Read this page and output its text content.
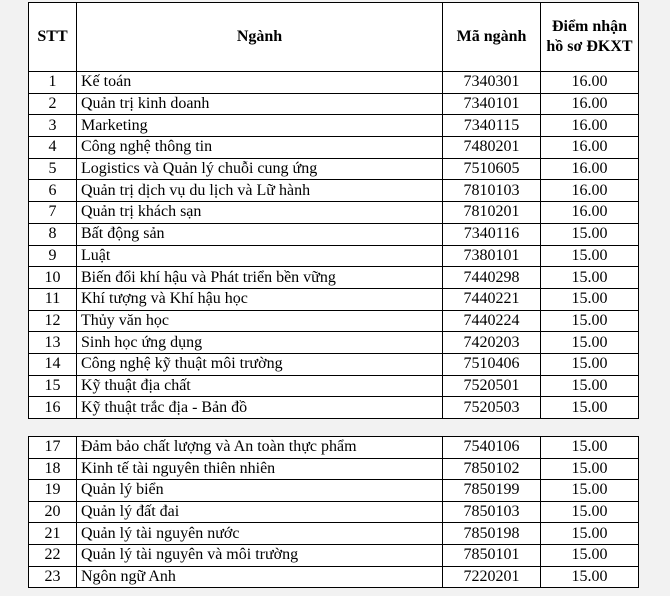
STT	Ngành	Mã ngành	Điểm nhận
hồ sơ ĐKXT
1	Kế toán	7340301	16.00
2	Quản trị kinh doanh	7340101	16.00
3	Marketing	7340115	16.00
4	Công nghệ thông tin	7480201	16.00
5	Logistics và Quản lý chuỗi cung ứng	7510605	16.00
6	Quản trị dịch vụ du lịch và Lữ hành	7810103	16.00
7	Quản trị khách sạn	7810201	16.00
8	Bất động sản	7340116	15.00
9	Luật	7380101	15.00
10	Biến đổi khí hậu và Phát triển bền vững	7440298	15.00
11	Khí tượng và Khí hậu học	7440221	15.00
12	Thủy văn học	7440224	15.00
13	Sinh học ứng dụng	7420203	15.00
14	Công nghệ kỹ thuật môi trường	7510406	15.00
15	Kỹ thuật địa chất	7520501	15.00
16	Kỹ thuật trắc địa - Bản đồ	7520503	15.00
17	Đảm bảo chất lượng và An toàn thực phẩm	7540106	15.00
18	Kinh tế tài nguyên thiên nhiên	7850102	15.00
19	Quản lý biển	7850199	15.00
20	Quản lý đất đai	7850103	15.00
21	Quản lý tài nguyên nước	7850198	15.00
22	Quản lý tài nguyên và môi trường	7850101	15.00
23	Ngôn ngữ Anh	7220201	15.00
